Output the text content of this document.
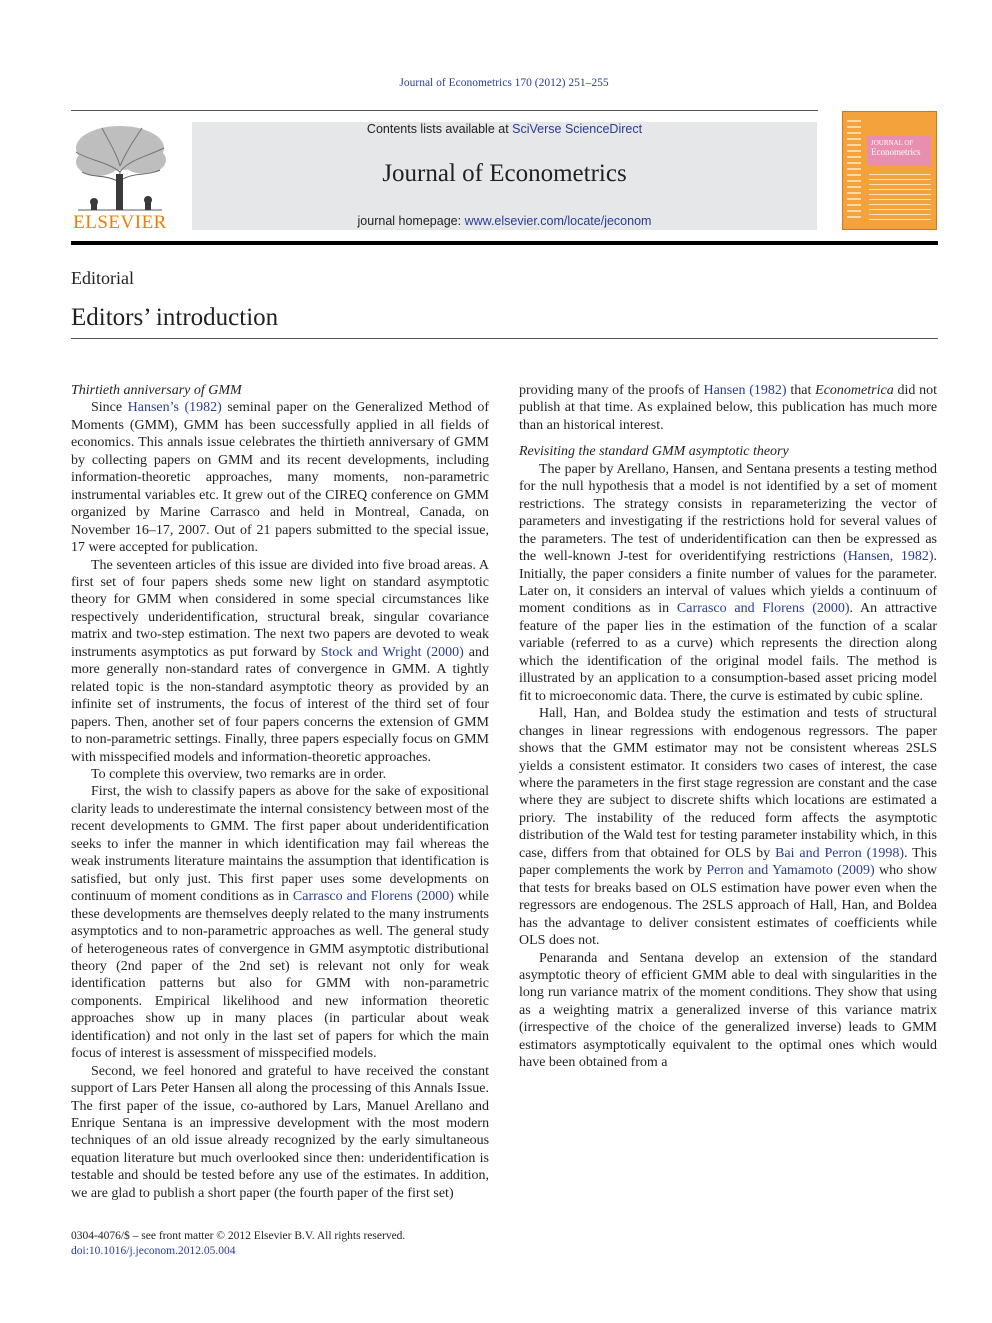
Journal of Econometrics 170 (2012) 251–255
ELSEVIER
Contents lists available at SciVerse ScienceDirect
Journal of Econometrics
journal homepage: www.elsevier.com/locate/jeconom
JOURNAL OF
Econometrics
Editorial
Editors’ introduction
Thirtieth anniversary of GMM

Since Hansen’s (1982) seminal paper on the Generalized Method of Moments (GMM), GMM has been successfully applied in all fields of economics. This annals issue celebrates the thirtieth anniversary of GMM by collecting papers on GMM and its recent developments, including information-theoretic approaches, many moments, non-parametric instrumental variables etc. It grew out of the CIREQ conference on GMM organized by Marine Carrasco and held in Montreal, Canada, on November 16–17, 2007. Out of 21 papers submitted to the special issue, 17 were accepted for publication.

The seventeen articles of this issue are divided into five broad areas. A first set of four papers sheds some new light on standard asymptotic theory for GMM when considered in some special circumstances like respectively underidentification, structural break, singular covariance matrix and two-step estimation. The next two papers are devoted to weak instruments asymptotics as put forward by Stock and Wright (2000) and more generally non-standard rates of convergence in GMM. A tightly related topic is the non-standard asymptotic theory as provided by an infinite set of instruments, the focus of interest of the third set of four papers. Then, another set of four papers concerns the extension of GMM to non-parametric settings. Finally, three papers especially focus on GMM with misspecified models and information-theoretic approaches.

To complete this overview, two remarks are in order.

First, the wish to classify papers as above for the sake of expositional clarity leads to underestimate the internal consistency between most of the recent developments to GMM. The first paper about underidentification seeks to infer the manner in which identification may fail whereas the weak instruments literature maintains the assumption that identification is satisfied, but only just. This first paper uses some developments on continuum of moment conditions as in Carrasco and Florens (2000) while these developments are themselves deeply related to the many instruments asymptotics and to non-parametric approaches as well. The general study of heterogeneous rates of convergence in GMM asymptotic distributional theory (2nd paper of the 2nd set) is relevant not only for weak identification patterns but also for GMM with non-parametric components. Empirical likelihood and new information theoretic approaches show up in many places (in particular about weak identification) and not only in the last set of papers for which the main focus of interest is assessment of misspecified models.

Second, we feel honored and grateful to have received the constant support of Lars Peter Hansen all along the processing of this Annals Issue. The first paper of the issue, co-authored by Lars, Manuel Arellano and Enrique Sentana is an impressive development with the most modern techniques of an old issue already recognized by the early simultaneous equation literature but much overlooked since then: underidentification is testable and should be tested before any use of the estimates. In addition, we are glad to publish a short paper (the fourth paper of the first set)

providing many of the proofs of Hansen (1982) that Econometrica did not publish at that time. As explained below, this publication has much more than an historical interest.

Revisiting the standard GMM asymptotic theory

The paper by Arellano, Hansen, and Sentana presents a testing method for the null hypothesis that a model is not identified by a set of moment restrictions. The strategy consists in reparameterizing the vector of parameters and investigating if the restrictions hold for several values of the parameters. The test of underidentification can then be expressed as the well-known J-test for overidentifying restrictions (Hansen, 1982). Initially, the paper considers a finite number of values for the parameter. Later on, it considers an interval of values which yields a continuum of moment conditions as in Carrasco and Florens (2000). An attractive feature of the paper lies in the estimation of the function of a scalar variable (referred to as a curve) which represents the direction along which the identification of the original model fails. The method is illustrated by an application to a consumption-based asset pricing model fit to microeconomic data. There, the curve is estimated by cubic spline.

Hall, Han, and Boldea study the estimation and tests of structural changes in linear regressions with endogenous regressors. The paper shows that the GMM estimator may not be consistent whereas 2SLS yields a consistent estimator. It considers two cases of interest, the case where the parameters in the first stage regression are constant and the case where they are subject to discrete shifts which locations are estimated a priory. The instability of the reduced form affects the asymptotic distribution of the Wald test for testing parameter instability which, in this case, differs from that obtained for OLS by Bai and Perron (1998). This paper complements the work by Perron and Yamamoto (2009) who show that tests for breaks based on OLS estimation have power even when the regressors are endogenous. The 2SLS approach of Hall, Han, and Boldea has the advantage to deliver consistent estimates of coefficients while OLS does not.

Penaranda and Sentana develop an extension of the standard asymptotic theory of efficient GMM able to deal with singularities in the long run variance matrix of the moment conditions. They show that using as a weighting matrix a generalized inverse of this variance matrix (irrespective of the choice of the generalized inverse) leads to GMM estimators asymptotically equivalent to the optimal ones which would have been obtained from a

0304-4076/$ – see front matter © 2012 Elsevier B.V. All rights reserved.
doi:10.1016/j.jeconom.2012.05.004
